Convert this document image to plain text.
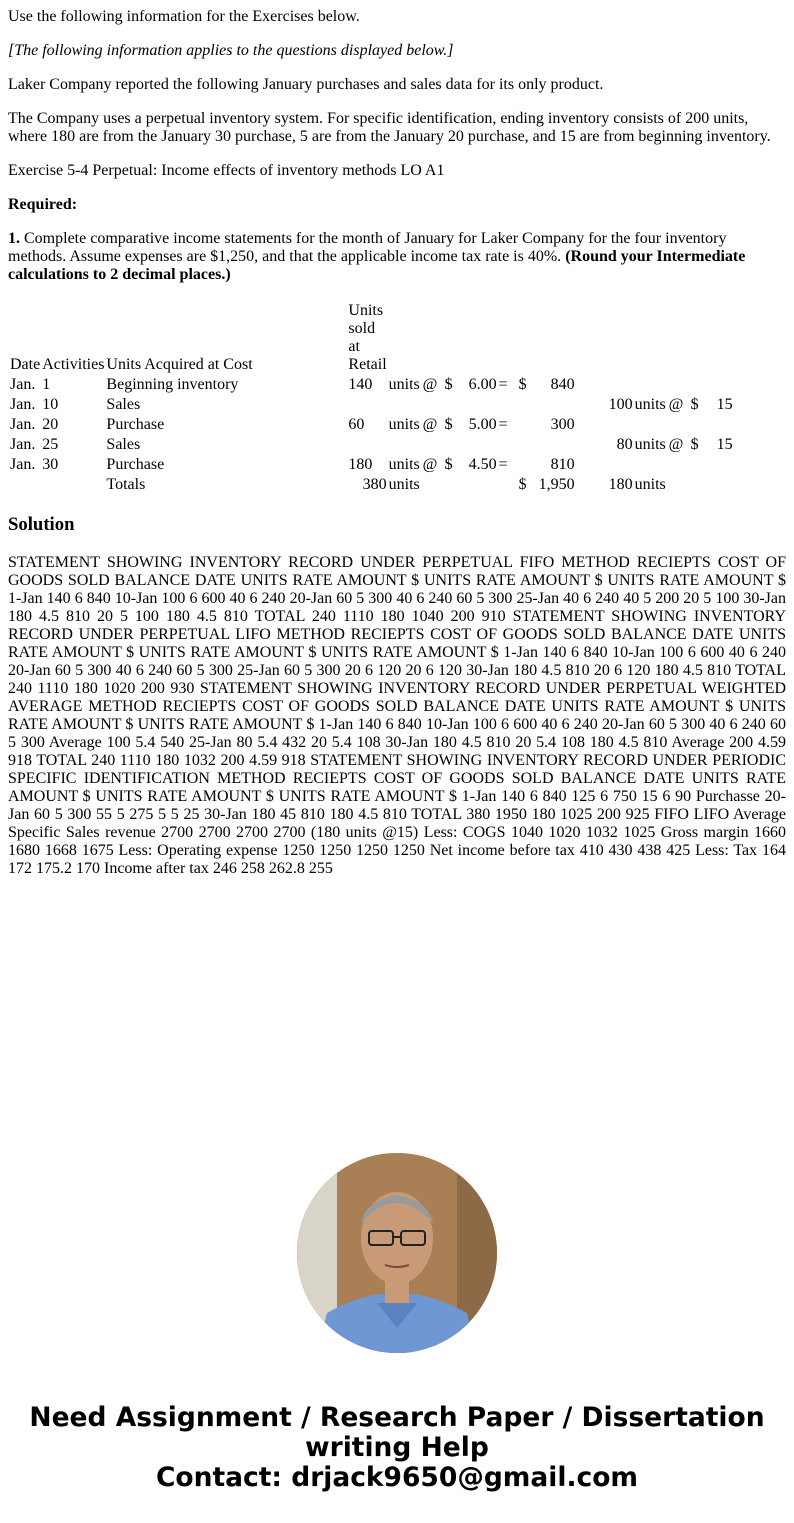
Use the following information for the Exercises below.

[The following information applies to the questions displayed below.]

Laker Company reported the following January purchases and sales data for its only product.

The Company uses a perpetual inventory system. For specific identification, ending inventory consists of 200 units, where 180 are from the January 30 purchase, 5 are from the January 20 purchase, and 15 are from beginning inventory.

Exercise 5-4 Perpetual: Income effects of inventory methods LO A1

Required:

1. Complete comparative income statements for the month of January for Laker Company for the four inventory methods. Assume expenses are $1,250, and that the applicable income tax rate is 40%. (Round your Intermediate calculations to 2 decimal places.)

Date	Activities	Units Acquired at Cost	Units sold at Retail													
Jan.	1	Beginning inventory	140	units	@	$	6.00	=	$	840						
Jan.	10	Sales										100	units	@	$	15
Jan.	20	Purchase	60	units	@	$	5.00	=		300						
Jan.	25	Sales										80	units	@	$	15
Jan.	30	Purchase	180	units	@	$	4.50	=		810						
		Totals	380	units					$	1,950		180	units			
Solution

STATEMENT SHOWING INVENTORY RECORD UNDER PERPETUAL FIFO METHOD RECIEPTS COST OF GOODS SOLD BALANCE DATE UNITS RATE AMOUNT $ UNITS RATE AMOUNT $ UNITS RATE AMOUNT $ 1-Jan 140 6 840 10-Jan 100 6 600 40 6 240 20-Jan 60 5 300 40 6 240 60 5 300 25-Jan 40 6 240 40 5 200 20 5 100 30-Jan 180 4.5 810 20 5 100 180 4.5 810 TOTAL 240 1110 180 1040 200 910 STATEMENT SHOWING INVENTORY RECORD UNDER PERPETUAL LIFO METHOD RECIEPTS COST OF GOODS SOLD BALANCE DATE UNITS RATE AMOUNT $ UNITS RATE AMOUNT $ UNITS RATE AMOUNT $ 1-Jan 140 6 840 10-Jan 100 6 600 40 6 240 20-Jan 60 5 300 40 6 240 60 5 300 25-Jan 60 5 300 20 6 120 20 6 120 30-Jan 180 4.5 810 20 6 120 180 4.5 810 TOTAL 240 1110 180 1020 200 930 STATEMENT SHOWING INVENTORY RECORD UNDER PERPETUAL WEIGHTED AVERAGE METHOD RECIEPTS COST OF GOODS SOLD BALANCE DATE UNITS RATE AMOUNT $ UNITS RATE AMOUNT $ UNITS RATE AMOUNT $ 1-Jan 140 6 840 10-Jan 100 6 600 40 6 240 20-Jan 60 5 300 40 6 240 60 5 300 Average 100 5.4 540 25-Jan 80 5.4 432 20 5.4 108 30-Jan 180 4.5 810 20 5.4 108 180 4.5 810 Average 200 4.59 918 TOTAL 240 1110 180 1032 200 4.59 918 STATEMENT SHOWING INVENTORY RECORD UNDER PERIODIC SPECIFIC IDENTIFICATION METHOD RECIEPTS COST OF GOODS SOLD BALANCE DATE UNITS RATE AMOUNT $ UNITS RATE AMOUNT $ UNITS RATE AMOUNT $ 1-Jan 140 6 840 125 6 750 15 6 90 Purchasse 20-Jan 60 5 300 55 5 275 5 5 25 30-Jan 180 45 810 180 4.5 810 TOTAL 380 1950 180 1025 200 925 FIFO LIFO Average Specific Sales revenue 2700 2700 2700 2700 (180 units @15) Less: COGS 1040 1020 1032 1025 Gross margin 1660 1680 1668 1675 Less: Operating expense 1250 1250 1250 1250 Net income before tax 410 430 438 425 Less: Tax 164 172 175.2 170 Income after tax 246 258 262.8 255

Need Assignment / Research Paper / Dissertation
writing Help
Contact: drjack9650@gmail.com
